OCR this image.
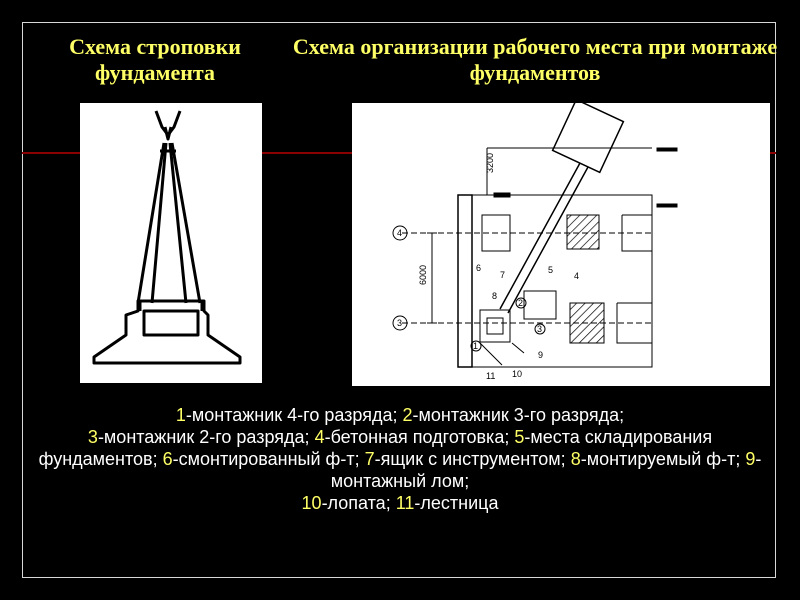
Схема строповки фундамента
Схема организации рабочего места при монтаже фундаментов
3200
6000
4
3
1
2
3
4
5
6
7
8
9
10
11

1-монтажник 4-го разряда; 2-монтажник 3-го разряда;
3-монтажник 2-го разряда; 4-бетонная подготовка; 5-места складирования фундаментов; 6-смонтированный ф-т; 7-ящик с инструментом; 8-монтируемый ф-т; 9-монтажный лом;
10-лопата; 11-лестница
